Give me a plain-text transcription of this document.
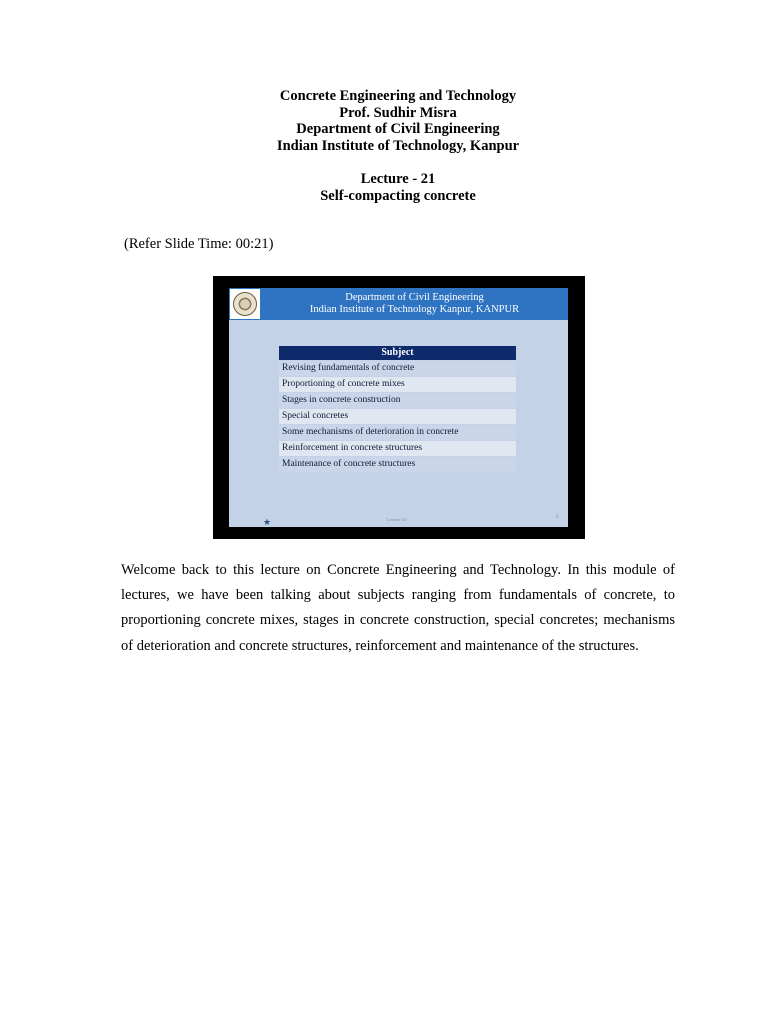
Concrete Engineering and Technology
Prof. Sudhir Misra
Department of Civil Engineering
Indian Institute of Technology, Kanpur
Lecture - 21
Self-compacting concrete
(Refer Slide Time: 00:21)
Department of Civil Engineering
Indian Institute of Technology Kanpur, KANPUR
Subject
Revising fundamentals of concrete
Proportioning of concrete mixes
Stages in concrete construction
Special concretes
Some mechanisms of deterioration in concrete
Reinforcement in concrete structures
Maintenance of concrete structures
★	Lecture 21	2
Welcome back to this lecture on Concrete Engineering and Technology. In this module of lectures, we have been talking about subjects ranging from fundamentals of concrete, to proportioning concrete mixes, stages in concrete construction, special concretes; mechanisms of deterioration and concrete structures, reinforcement and maintenance of the structures.
